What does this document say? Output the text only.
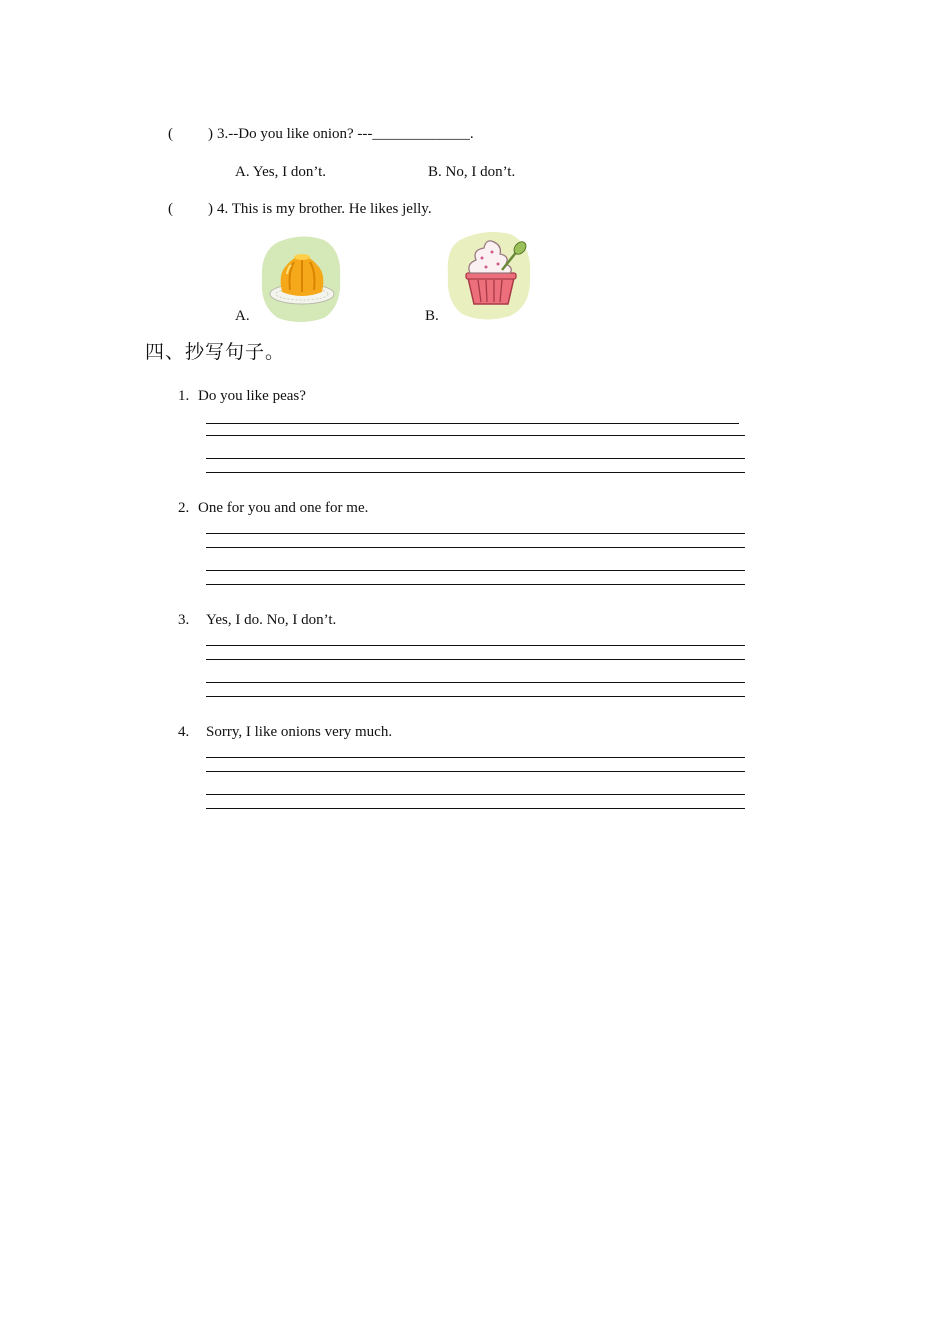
( ) 3.--Do you like onion? ---_____________.
A. Yes, I don’t.	B. No, I don’t.
( ) 4. This is my brother. He likes jelly.
A.	B.
四、抄写句子。
1. Do you like peas?
2. One for you and one for me.
3. Yes, I do. No, I don’t.
4. Sorry, I like onions very much.
